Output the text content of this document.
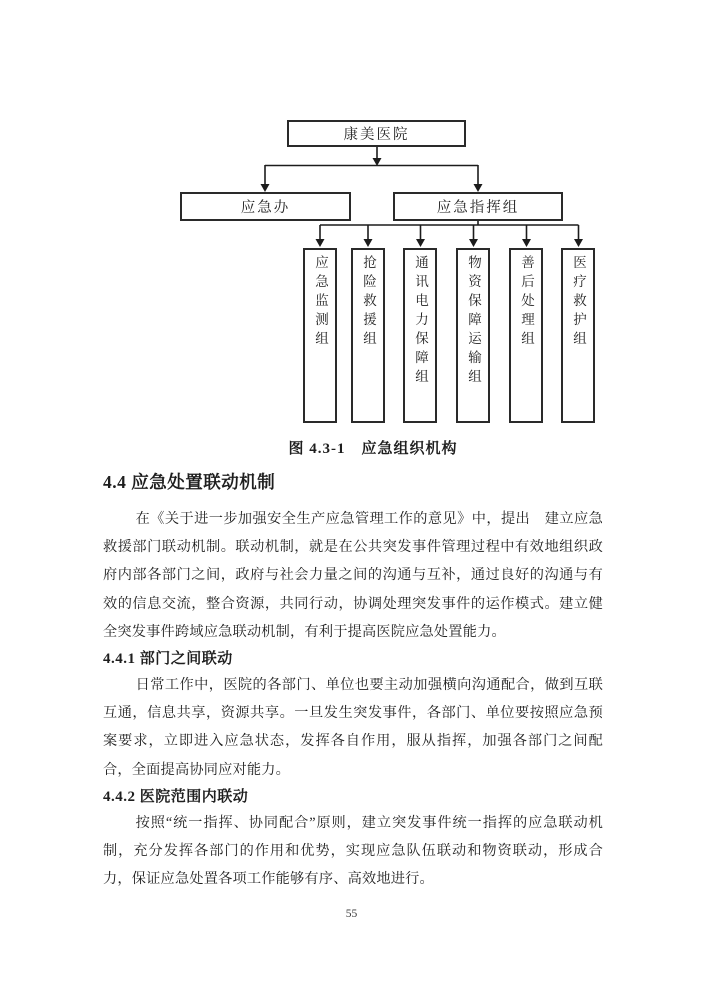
康美医院
应急办	应急指挥组
应急监测组	抢险救援组	通讯电力保障组	物资保障运输组	善后处理组	医疗救护组
图 4.3-1　应急组织机构
4.4 应急处置联动机制

在《关于进一步加强安全生产应急管理工作的意见》中，提出　建立应急救援部门联动机制。联动机制，就是在公共突发事件管理过程中有效地组织政府内部各部门之间，政府与社会力量之间的沟通与互补，通过良好的沟通与有效的信息交流，整合资源，共同行动，协调处理突发事件的运作模式。建立健全突发事件跨域应急联动机制，有利于提高医院应急处置能力。

4.4.1 部门之间联动

日常工作中，医院的各部门、单位也要主动加强横向沟通配合，做到互联互通，信息共享，资源共享。一旦发生突发事件，各部门、单位要按照应急预案要求，立即进入应急状态，发挥各自作用，服从指挥，加强各部门之间配合，全面提高协同应对能力。

4.4.2 医院范围内联动

按照“统一指挥、协同配合”原则，建立突发事件统一指挥的应急联动机制，充分发挥各部门的作用和优势，实现应急队伍联动和物资联动，形成合力，保证应急处置各项工作能够有序、高效地进行。

55
